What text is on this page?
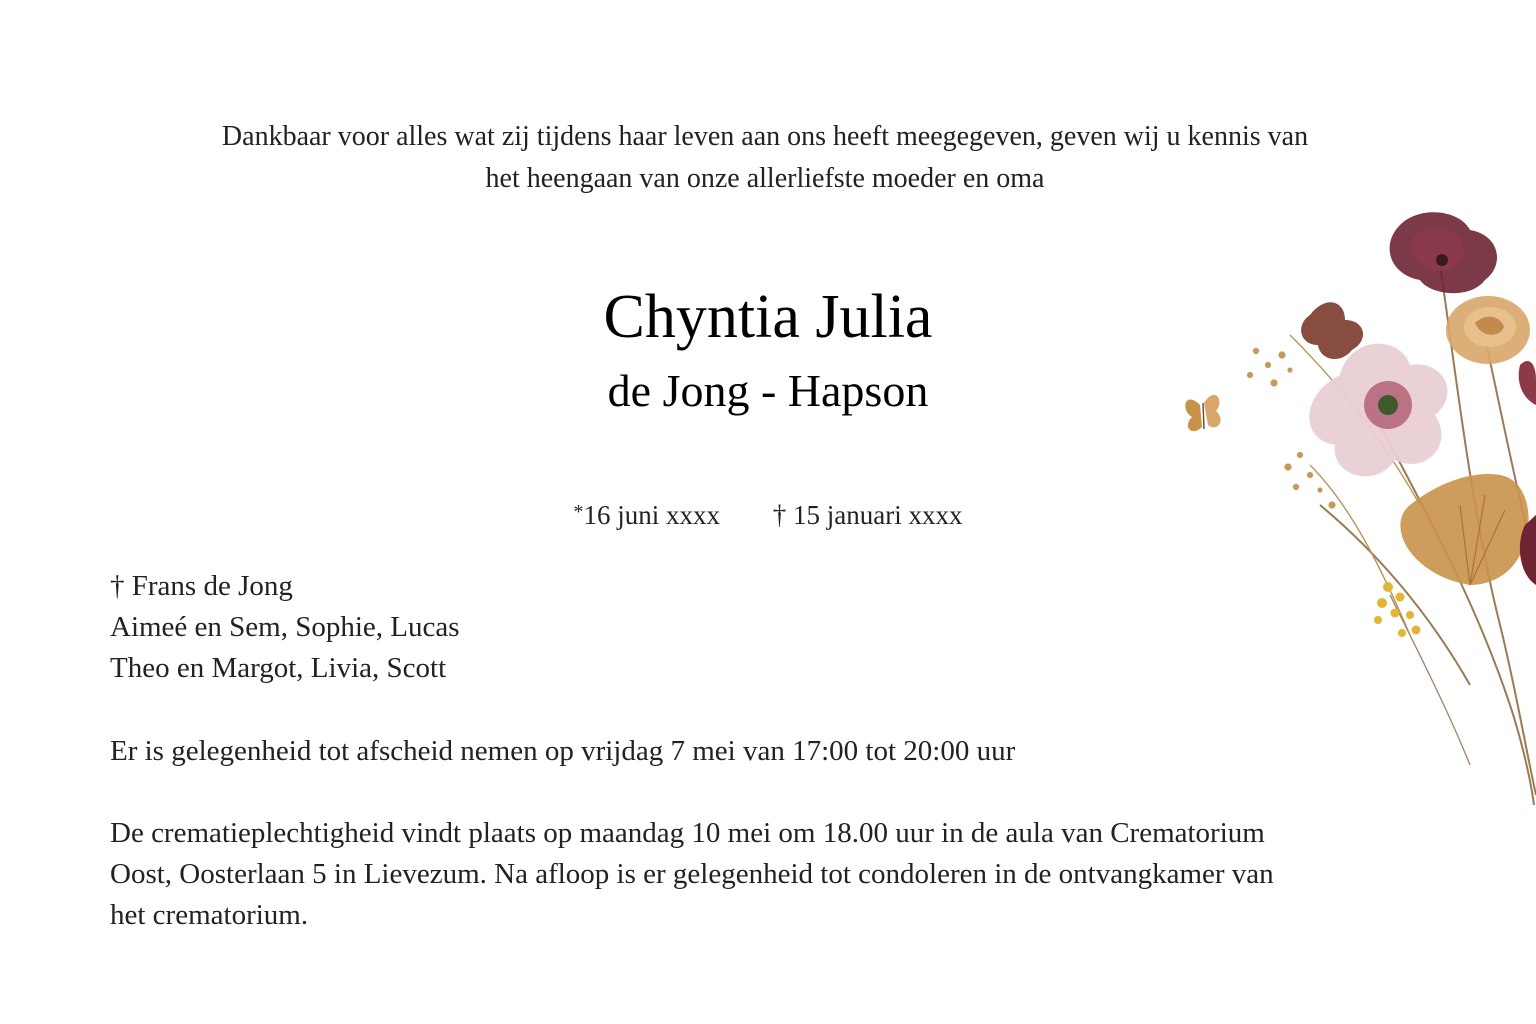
Dankbaar voor alles wat zij tijdens haar leven aan ons heeft meegegeven, geven wij u kennis van
het heengaan van onze allerliefste moeder en oma
Chyntia Julia
de Jong - Hapson
*16 juni xxxx † 15 januari xxxx
† Frans de Jong
Aimeé en Sem, Sophie, Lucas
Theo en Margot, Livia, Scott
Er is gelegenheid tot afscheid nemen op vrijdag 7 mei van 17:00 tot 20:00 uur
De crematieplechtigheid vindt plaats op maandag 10 mei om 18.00 uur in de aula van Crematorium
Oost, Oosterlaan 5 in Lievezum. Na afloop is er gelegenheid tot condoleren in de ontvangkamer van
het crematorium.
